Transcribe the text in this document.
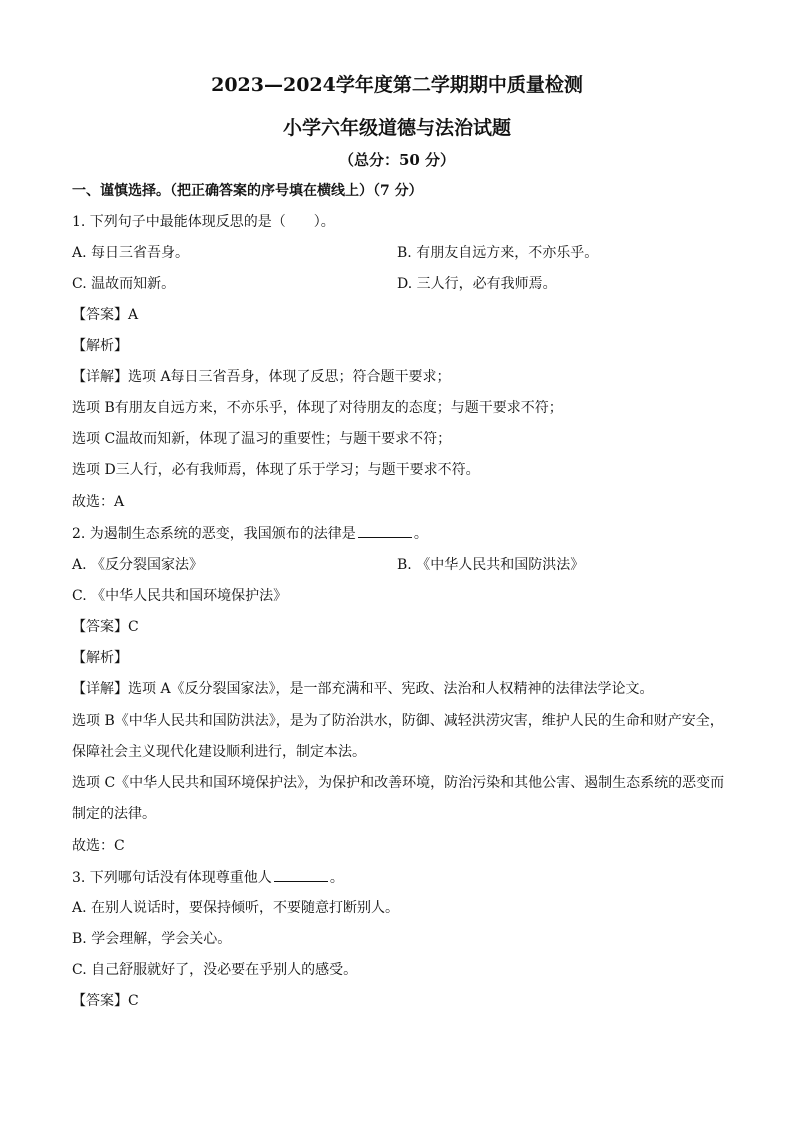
2023—2024学年度第二学期期中质量检测
小学六年级道德与法治试题
（总分：50 分）
一、谨慎选择。（把正确答案的序号填在横线上）（7 分）
1. 下列句子中最能体现反思的是（　　）。
A. 每日三省吾身。	B. 有朋友自远方来，不亦乐乎。
C. 温故而知新。	D. 三人行，必有我师焉。
【答案】A
【解析】
【详解】选项 A每日三省吾身，体现了反思；符合题干要求；
选项 B有朋友自远方来，不亦乐乎，体现了对待朋友的态度；与题干要求不符；
选项 C温故而知新，体现了温习的重要性；与题干要求不符；
选项 D三人行，必有我师焉，体现了乐于学习；与题干要求不符。
故选：A
2. 为遏制生态系统的恶变，我国颁布的法律是	。
A. 《反分裂国家法》	B. 《中华人民共和国防洪法》
C. 《中华人民共和国环境保护法》
【答案】C
【解析】
【详解】选项 A《反分裂国家法》，是一部充满和平、宪政、法治和人权精神的法律法学论文。
选项 B《中华人民共和国防洪法》，是为了防治洪水，防御、减轻洪涝灾害，维护人民的生命和财产安全，
保障社会主义现代化建设顺利进行，制定本法。
选项 C《中华人民共和国环境保护法》，为保护和改善环境，防治污染和其他公害、遏制生态系统的恶变而
制定的法律。
故选：C
3. 下列哪句话没有体现尊重他人	。
A. 在别人说话时，要保持倾听，不要随意打断别人。
B. 学会理解，学会关心。
C. 自己舒服就好了，没必要在乎别人的感受。
【答案】C
